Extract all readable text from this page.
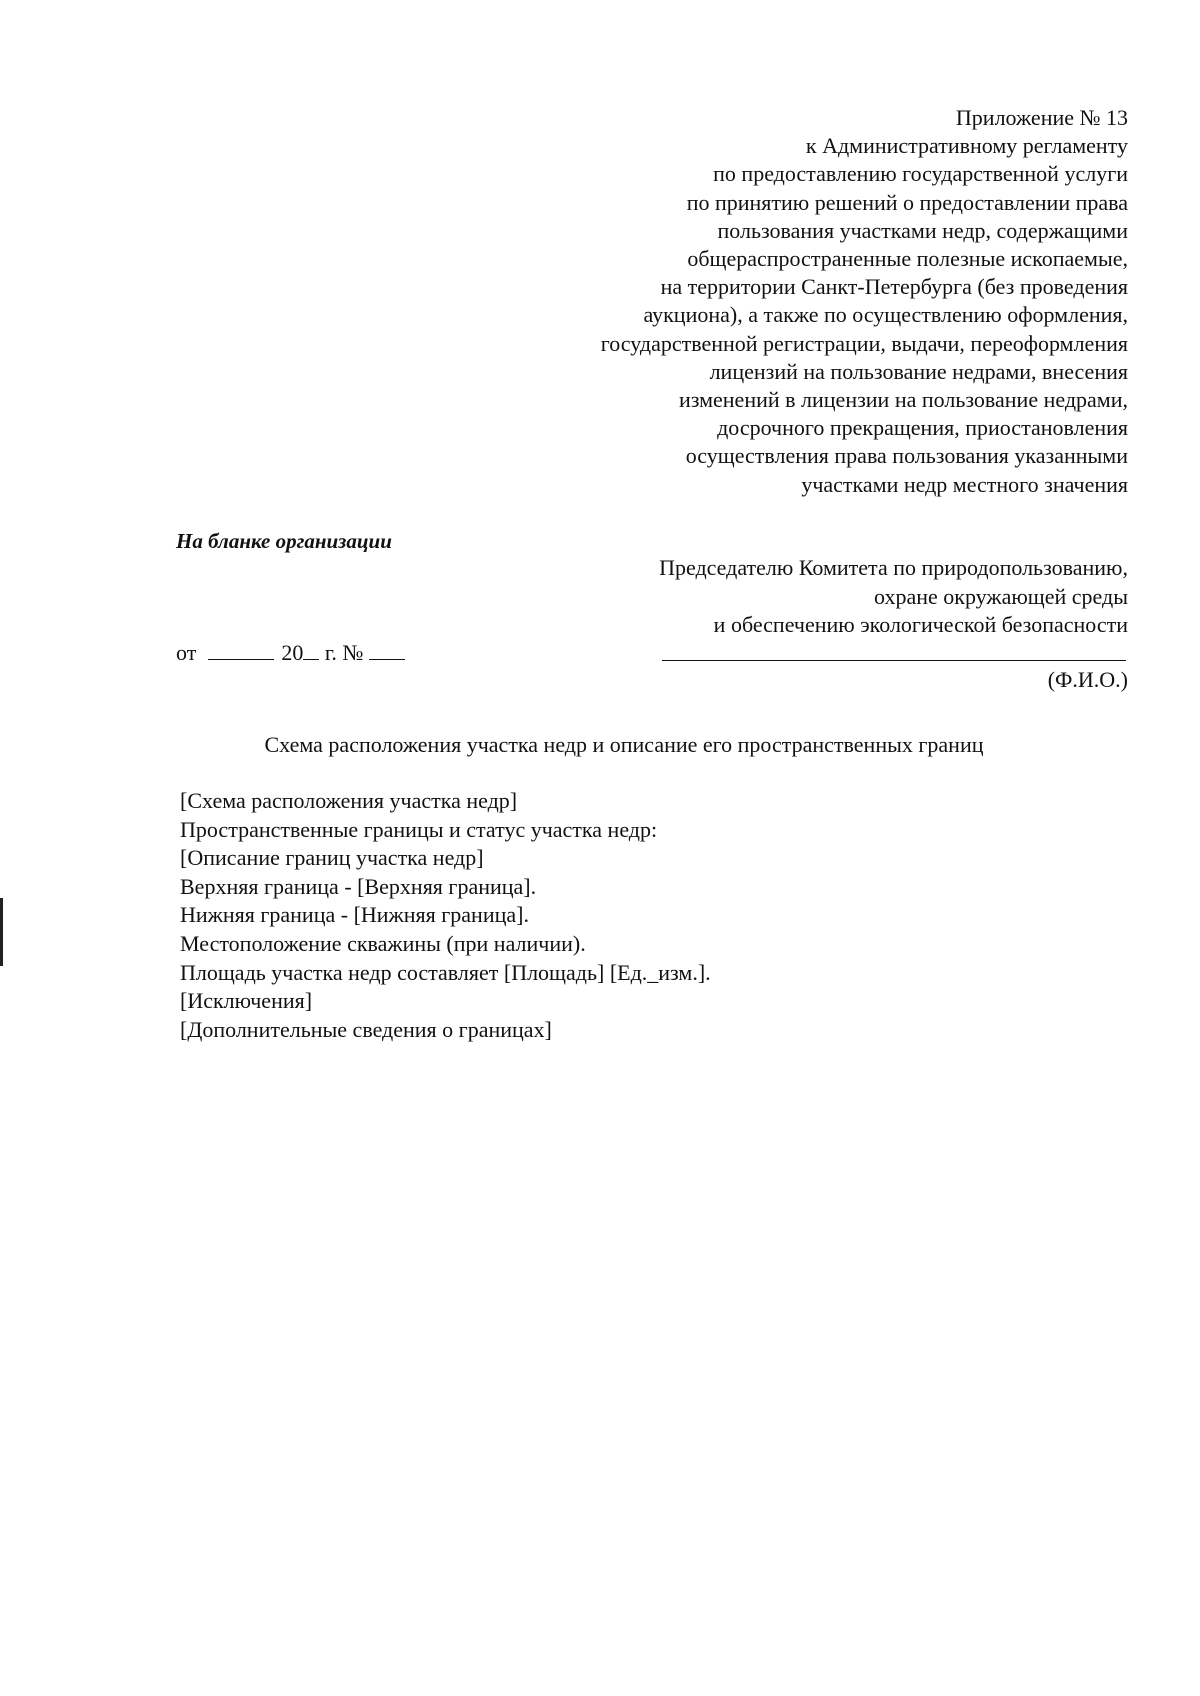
Приложение № 13
к Административному регламенту
по предоставлению государственной услуги
по принятию решений о предоставлении права
пользования участками недр, содержащими
общераспространенные полезные ископаемые,
на территории Санкт-Петербурга (без проведения
аукциона), а также по осуществлению оформления,
государственной регистрации, выдачи, переоформления
лицензий на пользование недрами, внесения
изменений в лицензии на пользование недрами,
досрочного прекращения, приостановления
осуществления права пользования указанными
участками недр местного значения
На бланке организации
Председателю Комитета по природопользованию,
охране окружающей среды
и обеспечению экологической безопасности
(Ф.И.О.)
от	20 г. №
Схема расположения участка недр и описание его пространственных границ
[Схема расположения участка недр]
Пространственные границы и статус участка недр:
[Описание границ участка недр]
Верхняя граница - [Верхняя граница].
Нижняя граница - [Нижняя граница].
Местоположение скважины (при наличии).
Площадь участка недр составляет [Площадь] [Ед._изм.].
[Исключения]
[Дополнительные сведения о границах]
